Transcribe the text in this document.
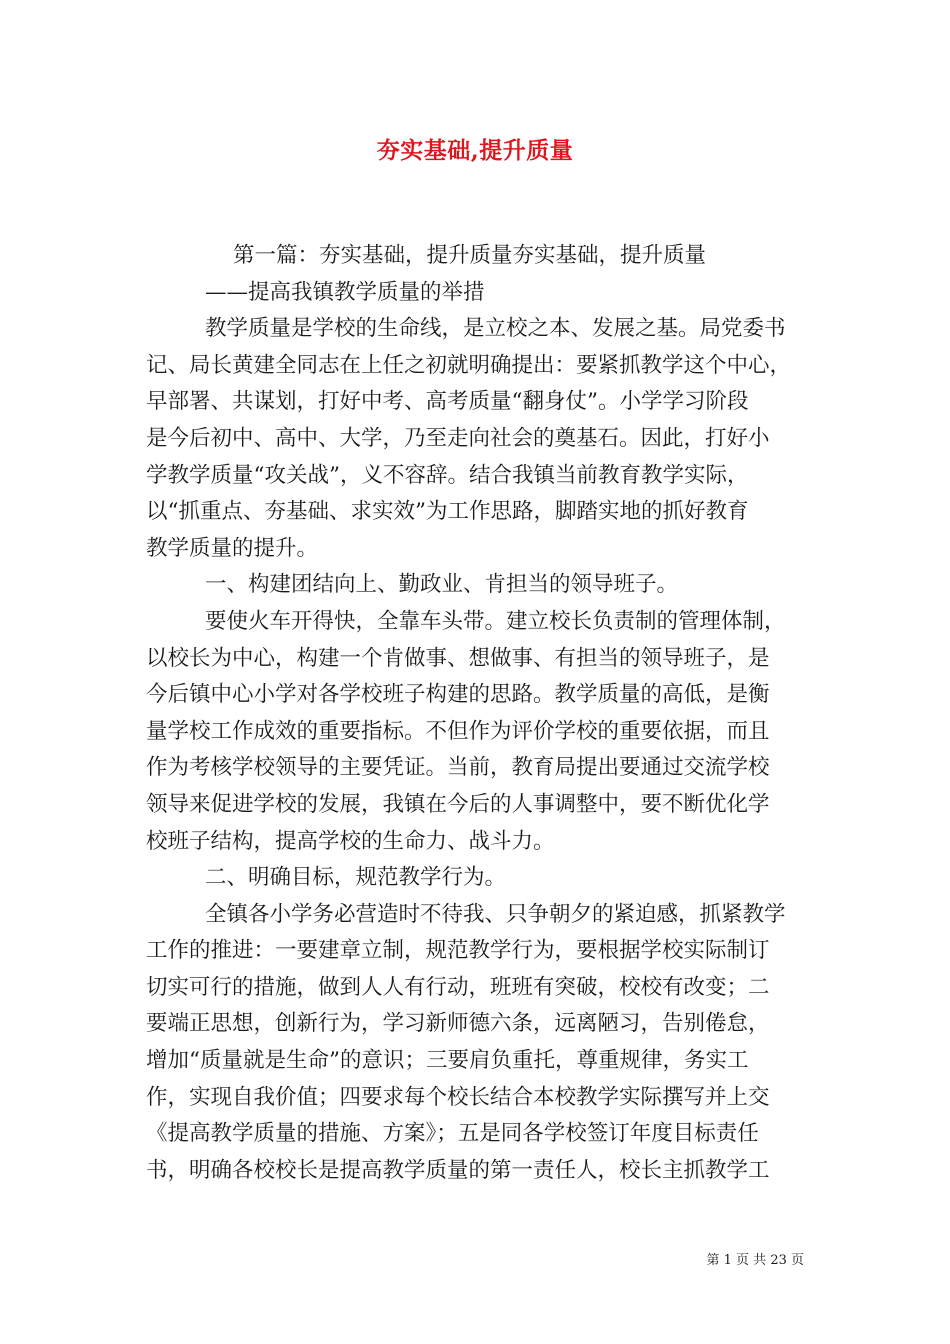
夯实基础,提升质量
第一篇：夯实基础，提升质量夯实基础，提升质量
——提高我镇教学质量的举措
教学质量是学校的生命线，是立校之本、发展之基。局党委书
记、局长黄建全同志在上任之初就明确提出：要紧抓教学这个中心，
早部署、共谋划，打好中考、高考质量“翻身仗”。小学学习阶段
是今后初中、高中、大学，乃至走向社会的奠基石。因此，打好小
学教学质量“攻关战”，义不容辞。结合我镇当前教育教学实际，
以“抓重点、夯基础、求实效”为工作思路，脚踏实地的抓好教育
教学质量的提升。
一、构建团结向上、勤政业、肯担当的领导班子。
要使火车开得快，全靠车头带。建立校长负责制的管理体制，
以校长为中心，构建一个肯做事、想做事、有担当的领导班子，是
今后镇中心小学对各学校班子构建的思路。教学质量的高低，是衡
量学校工作成效的重要指标。不但作为评价学校的重要依据，而且
作为考核学校领导的主要凭证。当前，教育局提出要通过交流学校
领导来促进学校的发展，我镇在今后的人事调整中，要不断优化学
校班子结构，提高学校的生命力、战斗力。
二、明确目标，规范教学行为。
全镇各小学务必营造时不待我、只争朝夕的紧迫感，抓紧教学
工作的推进：一要建章立制，规范教学行为，要根据学校实际制订
切实可行的措施，做到人人有行动，班班有突破，校校有改变；二
要端正思想，创新行为，学习新师德六条，远离陋习，告别倦怠，
增加“质量就是生命”的意识；三要肩负重托，尊重规律，务实工
作，实现自我价值；四要求每个校长结合本校教学实际撰写并上交
《提高教学质量的措施、方案》；五是同各学校签订年度目标责任
书，明确各校校长是提高教学质量的第一责任人，校长主抓教学工
第 1 页 共 23 页
